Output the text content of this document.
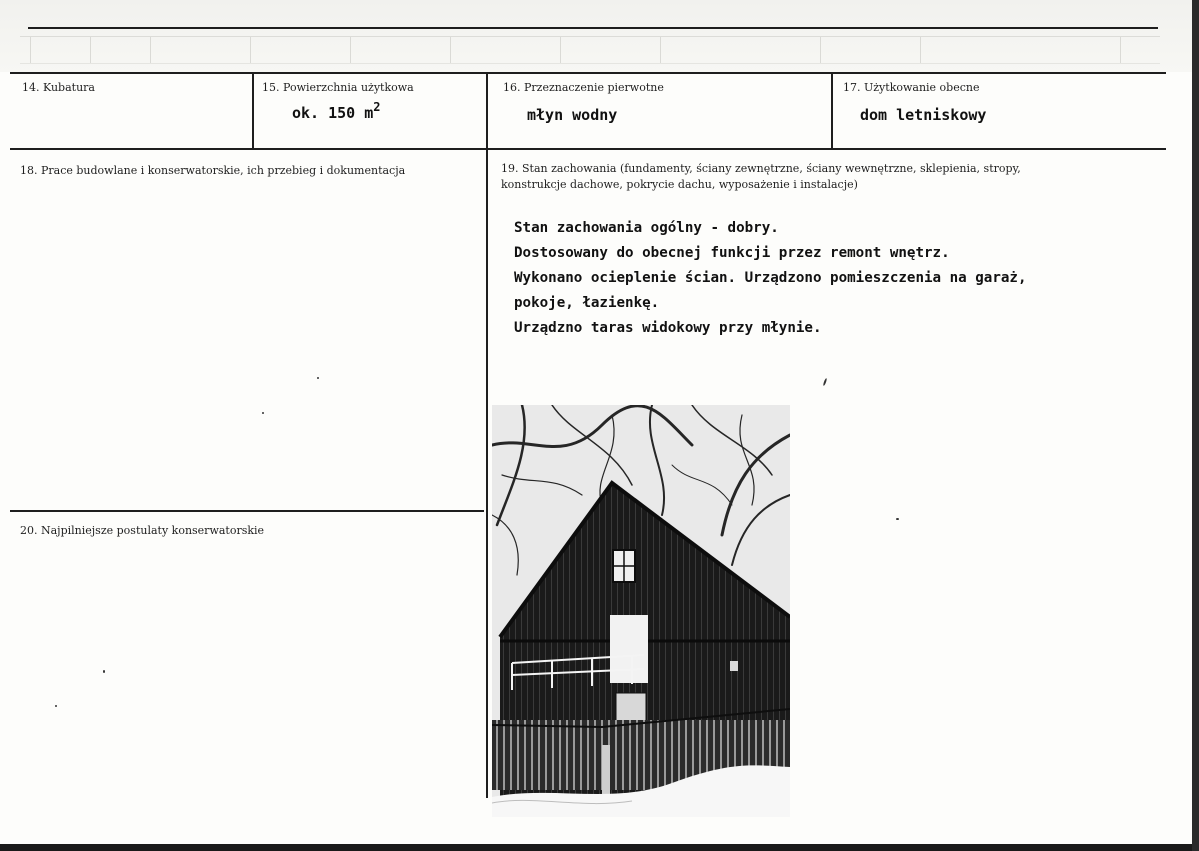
14. Kubatura	15. Powierzchnia użytkowa
ok. 150 $m^2$
16. Przeznaczenie pierwotne
młyn wodny
17. Użytkowanie obecne
dom letniskowy
18. Prace budowlane i konserwatorskie, ich przebieg i dokumentacja	19. Stan zachowania (fundamenty, ściany zewnętrzne, ściany wewnętrzne, sklepienia, stropy, konstrukcje dachowe, pokrycie dachu, wyposażenie i instalacje)
Stan zachowania ogólny - dobry.
Dostosowany do obecnej funkcji przez remont wnętrz.
Wykonano ocieplenie ścian. Urządzono pomieszczenia na garaż,
pokoje, łazienkę.
Urządzno taras widokowy przy młynie.
20. Najpilniejsze postulaty konserwatorskie
